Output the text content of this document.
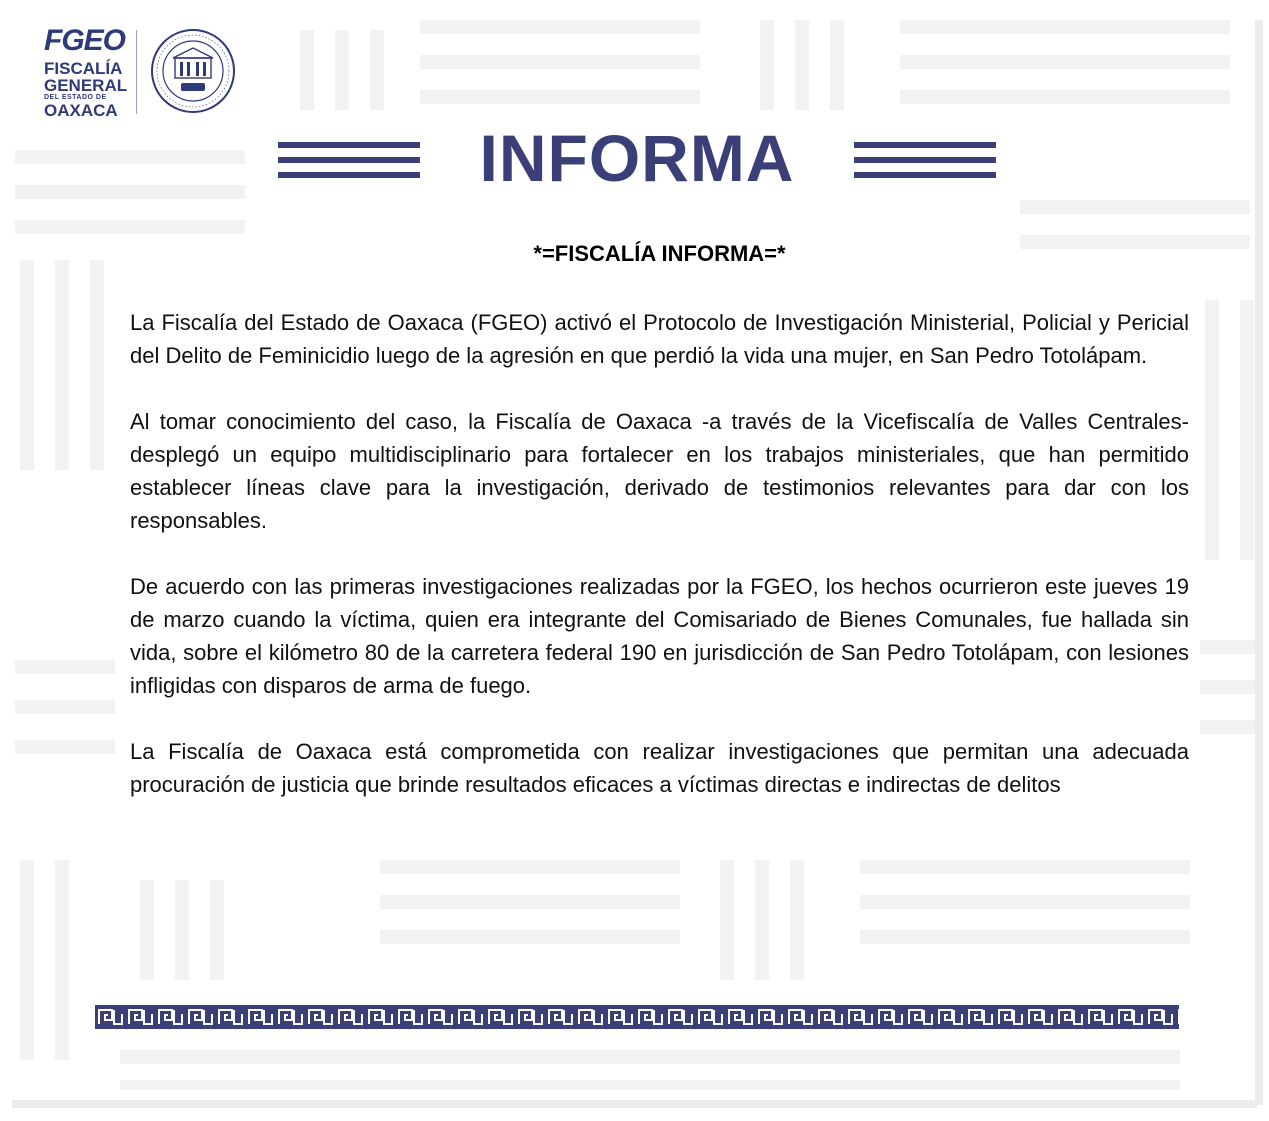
FGEO
FISCALÍA
GENERAL
DEL ESTADO DE
OAXACA
INFORMA
*=FISCALÍA INFORMA=*

La Fiscalía del Estado de Oaxaca (FGEO) activó el Protocolo de Investigación Ministerial, Policial y Pericial del Delito de Feminicidio luego de la agresión en que perdió la vida una mujer, en San Pedro Totolápam.

Al tomar conocimiento del caso, la Fiscalía de Oaxaca -a través de la Vicefiscalía de Valles Centrales- desplegó un equipo multidisciplinario para fortalecer en los trabajos ministeriales, que han permitido establecer líneas clave para la investigación, derivado de testimonios relevantes para dar con los responsables.

De acuerdo con las primeras investigaciones realizadas por la FGEO, los hechos ocurrieron este jueves 19 de marzo cuando la víctima, quien era integrante del Comisariado de Bienes Comunales, fue hallada sin vida, sobre el kilómetro 80 de la carretera federal 190 en jurisdicción de San Pedro Totolápam, con lesiones infligidas con disparos de arma de fuego.

La Fiscalía de Oaxaca está comprometida con realizar investigaciones que permitan una adecuada procuración de justicia que brinde resultados eficaces a víctimas directas e indirectas de delitos
